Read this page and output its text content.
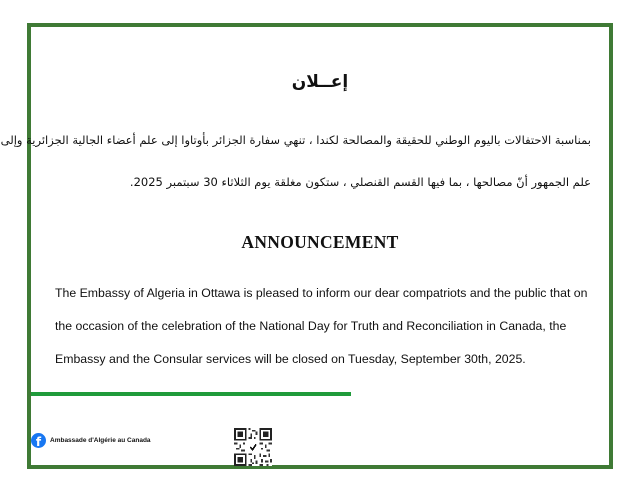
إعــلان

بمناسبة الاحتفالات باليوم الوطني للحقيقة والمصالحة لكندا ، تنهي سفارة الجزائر بأوتاوا إلى علم أعضاء الجالية الجزائرية وإلى

علم الجمهور أنّ مصالحها ، بما فيها القسم القنصلي ، ستكون مغلقة يوم الثلاثاء 30 سبتمبر 2025.

ANNOUNCEMENT

The Embassy of Algeria in Ottawa is pleased to inform our dear compatriots and the public that on

the occasion of the celebration of the National Day for Truth and Reconciliation in Canada, the

Embassy and the Consular services will be closed on Tuesday, September 30th, 2025.

f	Ambassade d'Algérie au Canada
